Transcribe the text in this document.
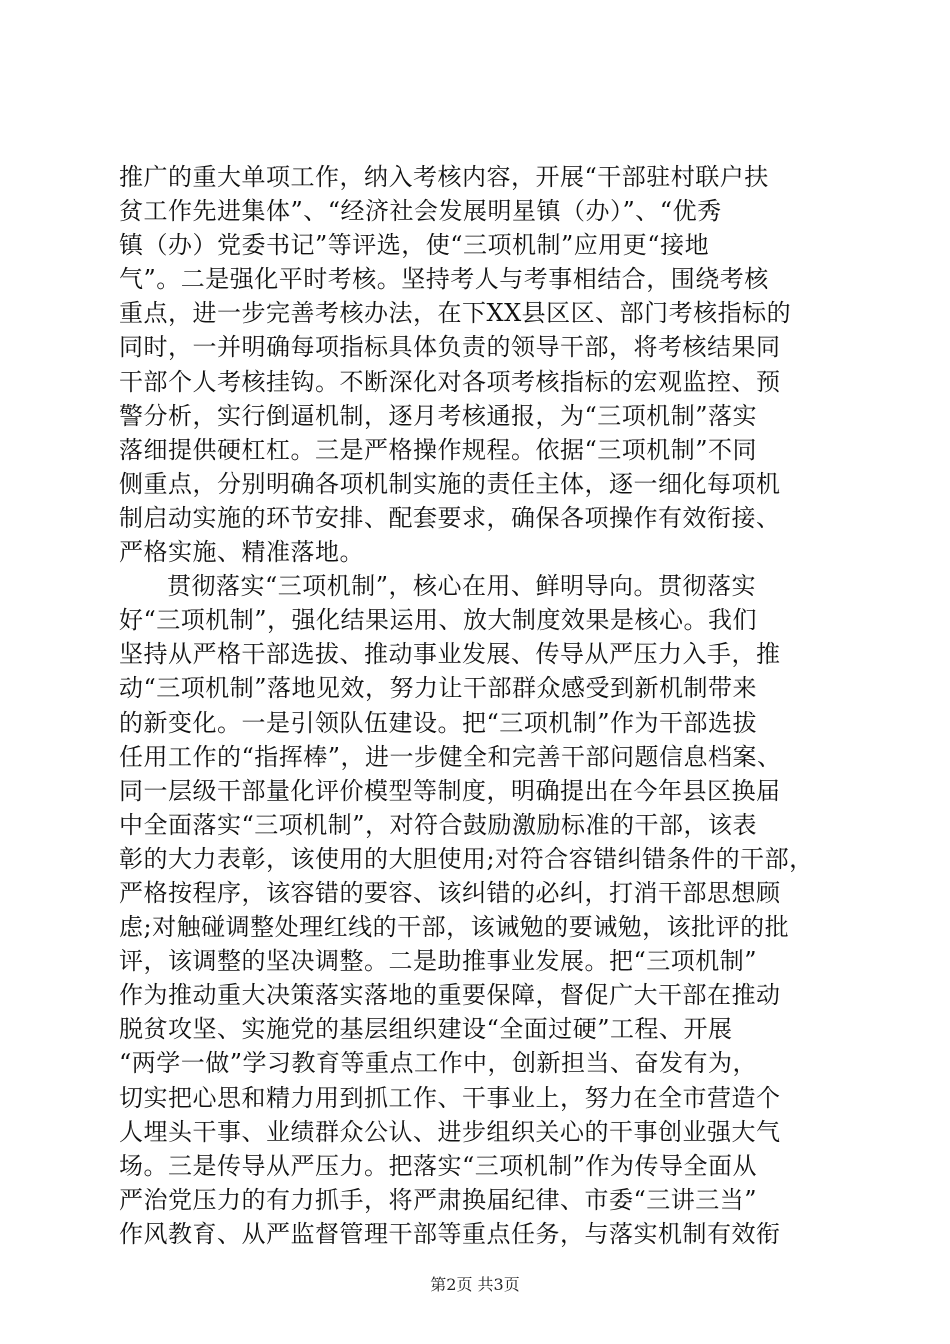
推广的重大单项工作，纳入考核内容，开展“干部驻村联户扶
贫工作先进集体”、“经济社会发展明星镇（办）”、“优秀
镇（办）党委书记”等评选，使“三项机制”应用更“接地
气”。二是强化平时考核。坚持考人与考事相结合，围绕考核
重点，进一步完善考核办法，在下XX县区区、部门考核指标的
同时，一并明确每项指标具体负责的领导干部，将考核结果同
干部个人考核挂钩。不断深化对各项考核指标的宏观监控、预
警分析，实行倒逼机制，逐月考核通报，为“三项机制”落实
落细提供硬杠杠。三是严格操作规程。依据“三项机制”不同
侧重点，分别明确各项机制实施的责任主体，逐一细化每项机
制启动实施的环节安排、配套要求，确保各项操作有效衔接、
严格实施、精准落地。
贯彻落实“三项机制”，核心在用、鲜明导向。贯彻落实
好“三项机制”，强化结果运用、放大制度效果是核心。我们
坚持从严格干部选拔、推动事业发展、传导从严压力入手，推
动“三项机制”落地见效，努力让干部群众感受到新机制带来
的新变化。一是引领队伍建设。把“三项机制”作为干部选拔
任用工作的“指挥棒”，进一步健全和完善干部问题信息档案、
同一层级干部量化评价模型等制度，明确提出在今年县区换届
中全面落实“三项机制”，对符合鼓励激励标准的干部，该表
彰的大力表彰，该使用的大胆使用;对符合容错纠错条件的干部，
严格按程序，该容错的要容、该纠错的必纠，打消干部思想顾
虑;对触碰调整处理红线的干部，该诫勉的要诫勉，该批评的批
评，该调整的坚决调整。二是助推事业发展。把“三项机制”
作为推动重大决策落实落地的重要保障，督促广大干部在推动
脱贫攻坚、实施党的基层组织建设“全面过硬”工程、开展
“两学一做”学习教育等重点工作中，创新担当、奋发有为，
切实把心思和精力用到抓工作、干事业上，努力在全市营造个
人埋头干事、业绩群众公认、进步组织关心的干事创业强大气
场。三是传导从严压力。把落实“三项机制”作为传导全面从
严治党压力的有力抓手，将严肃换届纪律、市委“三讲三当”
作风教育、从严监督管理干部等重点任务，与落实机制有效衔
第2页 共3页
